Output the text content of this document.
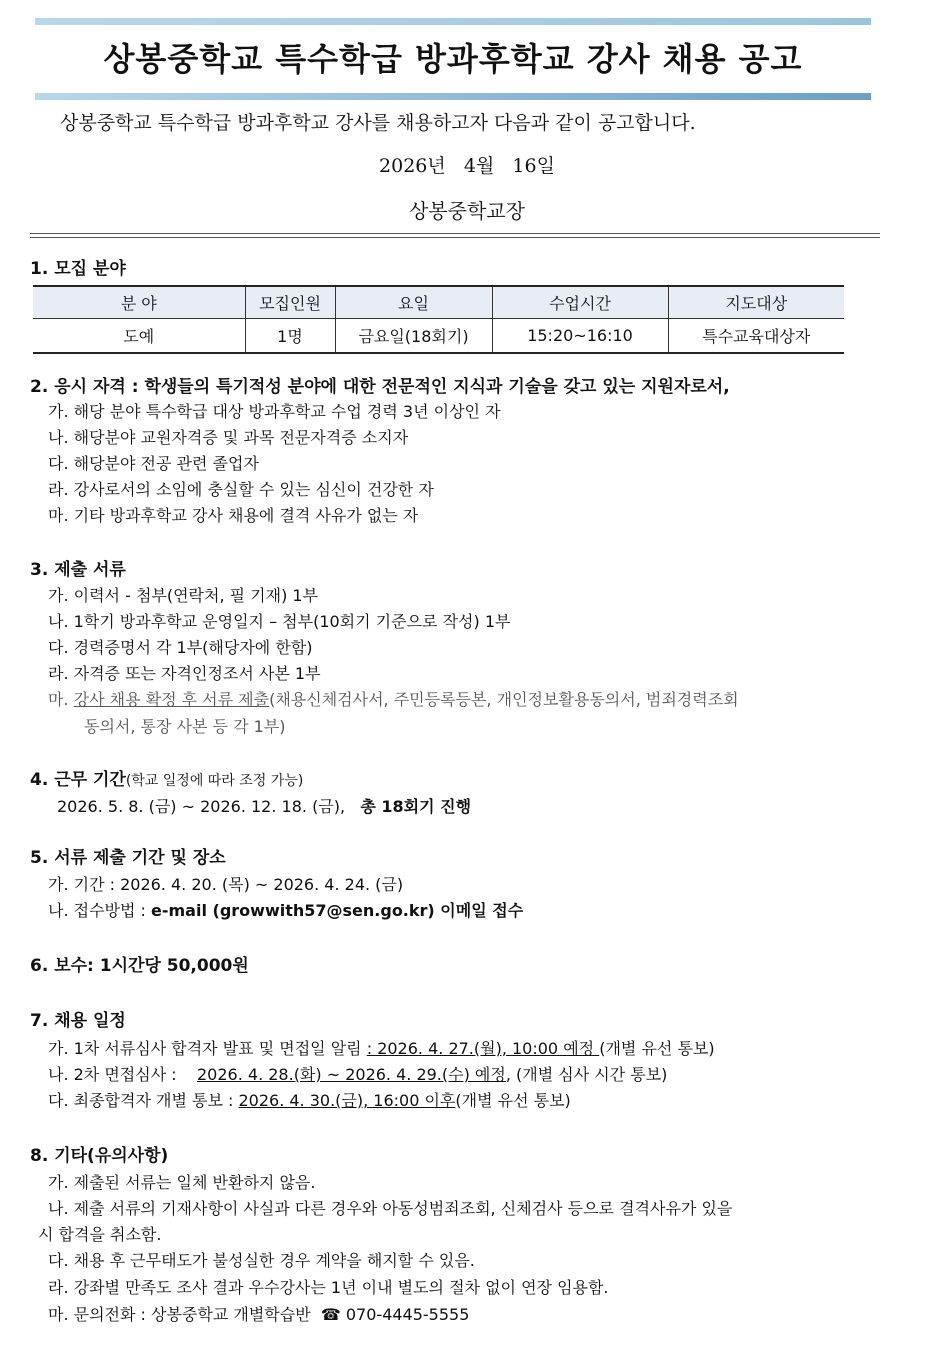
상봉중학교 특수학급 방과후학교 강사 채용 공고
상봉중학교 특수학급 방과후학교 강사를 채용하고자 다음과 같이 공고합니다.
2026년   4월   16일
상봉중학교장
1. 모집 분야
분 야	모집인원	요일	수업시간	지도대상
도예	1명	금요일(18회기)	15:20~16:10	특수교육대상자
2. 응시 자격 : 학생들의 특기적성 분야에 대한 전문적인 지식과 기술을 갖고 있는 지원자로서,
가. 해당 분야 특수학급 대상 방과후학교 수업 경력 3년 이상인 자
나. 해당분야 교원자격증 및 과목 전문자격증 소지자
다. 해당분야 전공 관련 졸업자
라. 강사로서의 소임에 충실할 수 있는 심신이 건강한 자
마. 기타 방과후학교 강사 채용에 결격 사유가 없는 자
3. 제출 서류
가. 이력서 - 첨부(연락처, 필 기재) 1부
나. 1학기 방과후학교 운영일지 – 첨부(10회기 기준으로 작성) 1부
다. 경력증명서 각 1부(해당자에 한함)
라. 자격증 또는 자격인정조서 사본 1부
마. 강사 채용 확정 후 서류 제출(채용신체검사서, 주민등록등본, 개인정보활용동의서, 범죄경력조회
동의서, 통장 사본 등 각 1부)
4. 근무 기간(학교 일정에 따라 조정 가능)
2026. 5. 8. (금) ~ 2026. 12. 18. (금), 총 18회기 진행
5. 서류 제출 기간 및 장소
가. 기간 : 2026. 4. 20. (목) ~ 2026. 4. 24. (금)
나. 접수방법 : e-mail (growwith57@sen.go.kr) 이메일 접수
6. 보수: 1시간당 50,000원
7. 채용 일정
가. 1차 서류심사 합격자 발표 및 면접일 알림 : 2026. 4. 27.(월), 10:00 예정 (개별 유선 통보)
나. 2차 면접심사 :    2026. 4. 28.(화) ~ 2026. 4. 29.(수) 예정, (개별 심사 시간 통보)
다. 최종합격자 개별 통보 : 2026. 4. 30.(금), 16:00 이후(개별 유선 통보)
8. 기타(유의사항)
가. 제출된 서류는 일체 반환하지 않음.
나. 제출 서류의 기재사항이 사실과 다른 경우와 아동성범죄조회, 신체검사 등으로 결격사유가 있을
시 합격을 취소함.
다. 채용 후 근무태도가 불성실한 경우 계약을 해지할 수 있음.
라. 강좌별 만족도 조사 결과 우수강사는 1년 이내 별도의 절차 없이 연장 임용함.
마. 문의전화 : 상봉중학교 개별학습반  ☎ 070-4445-5555
